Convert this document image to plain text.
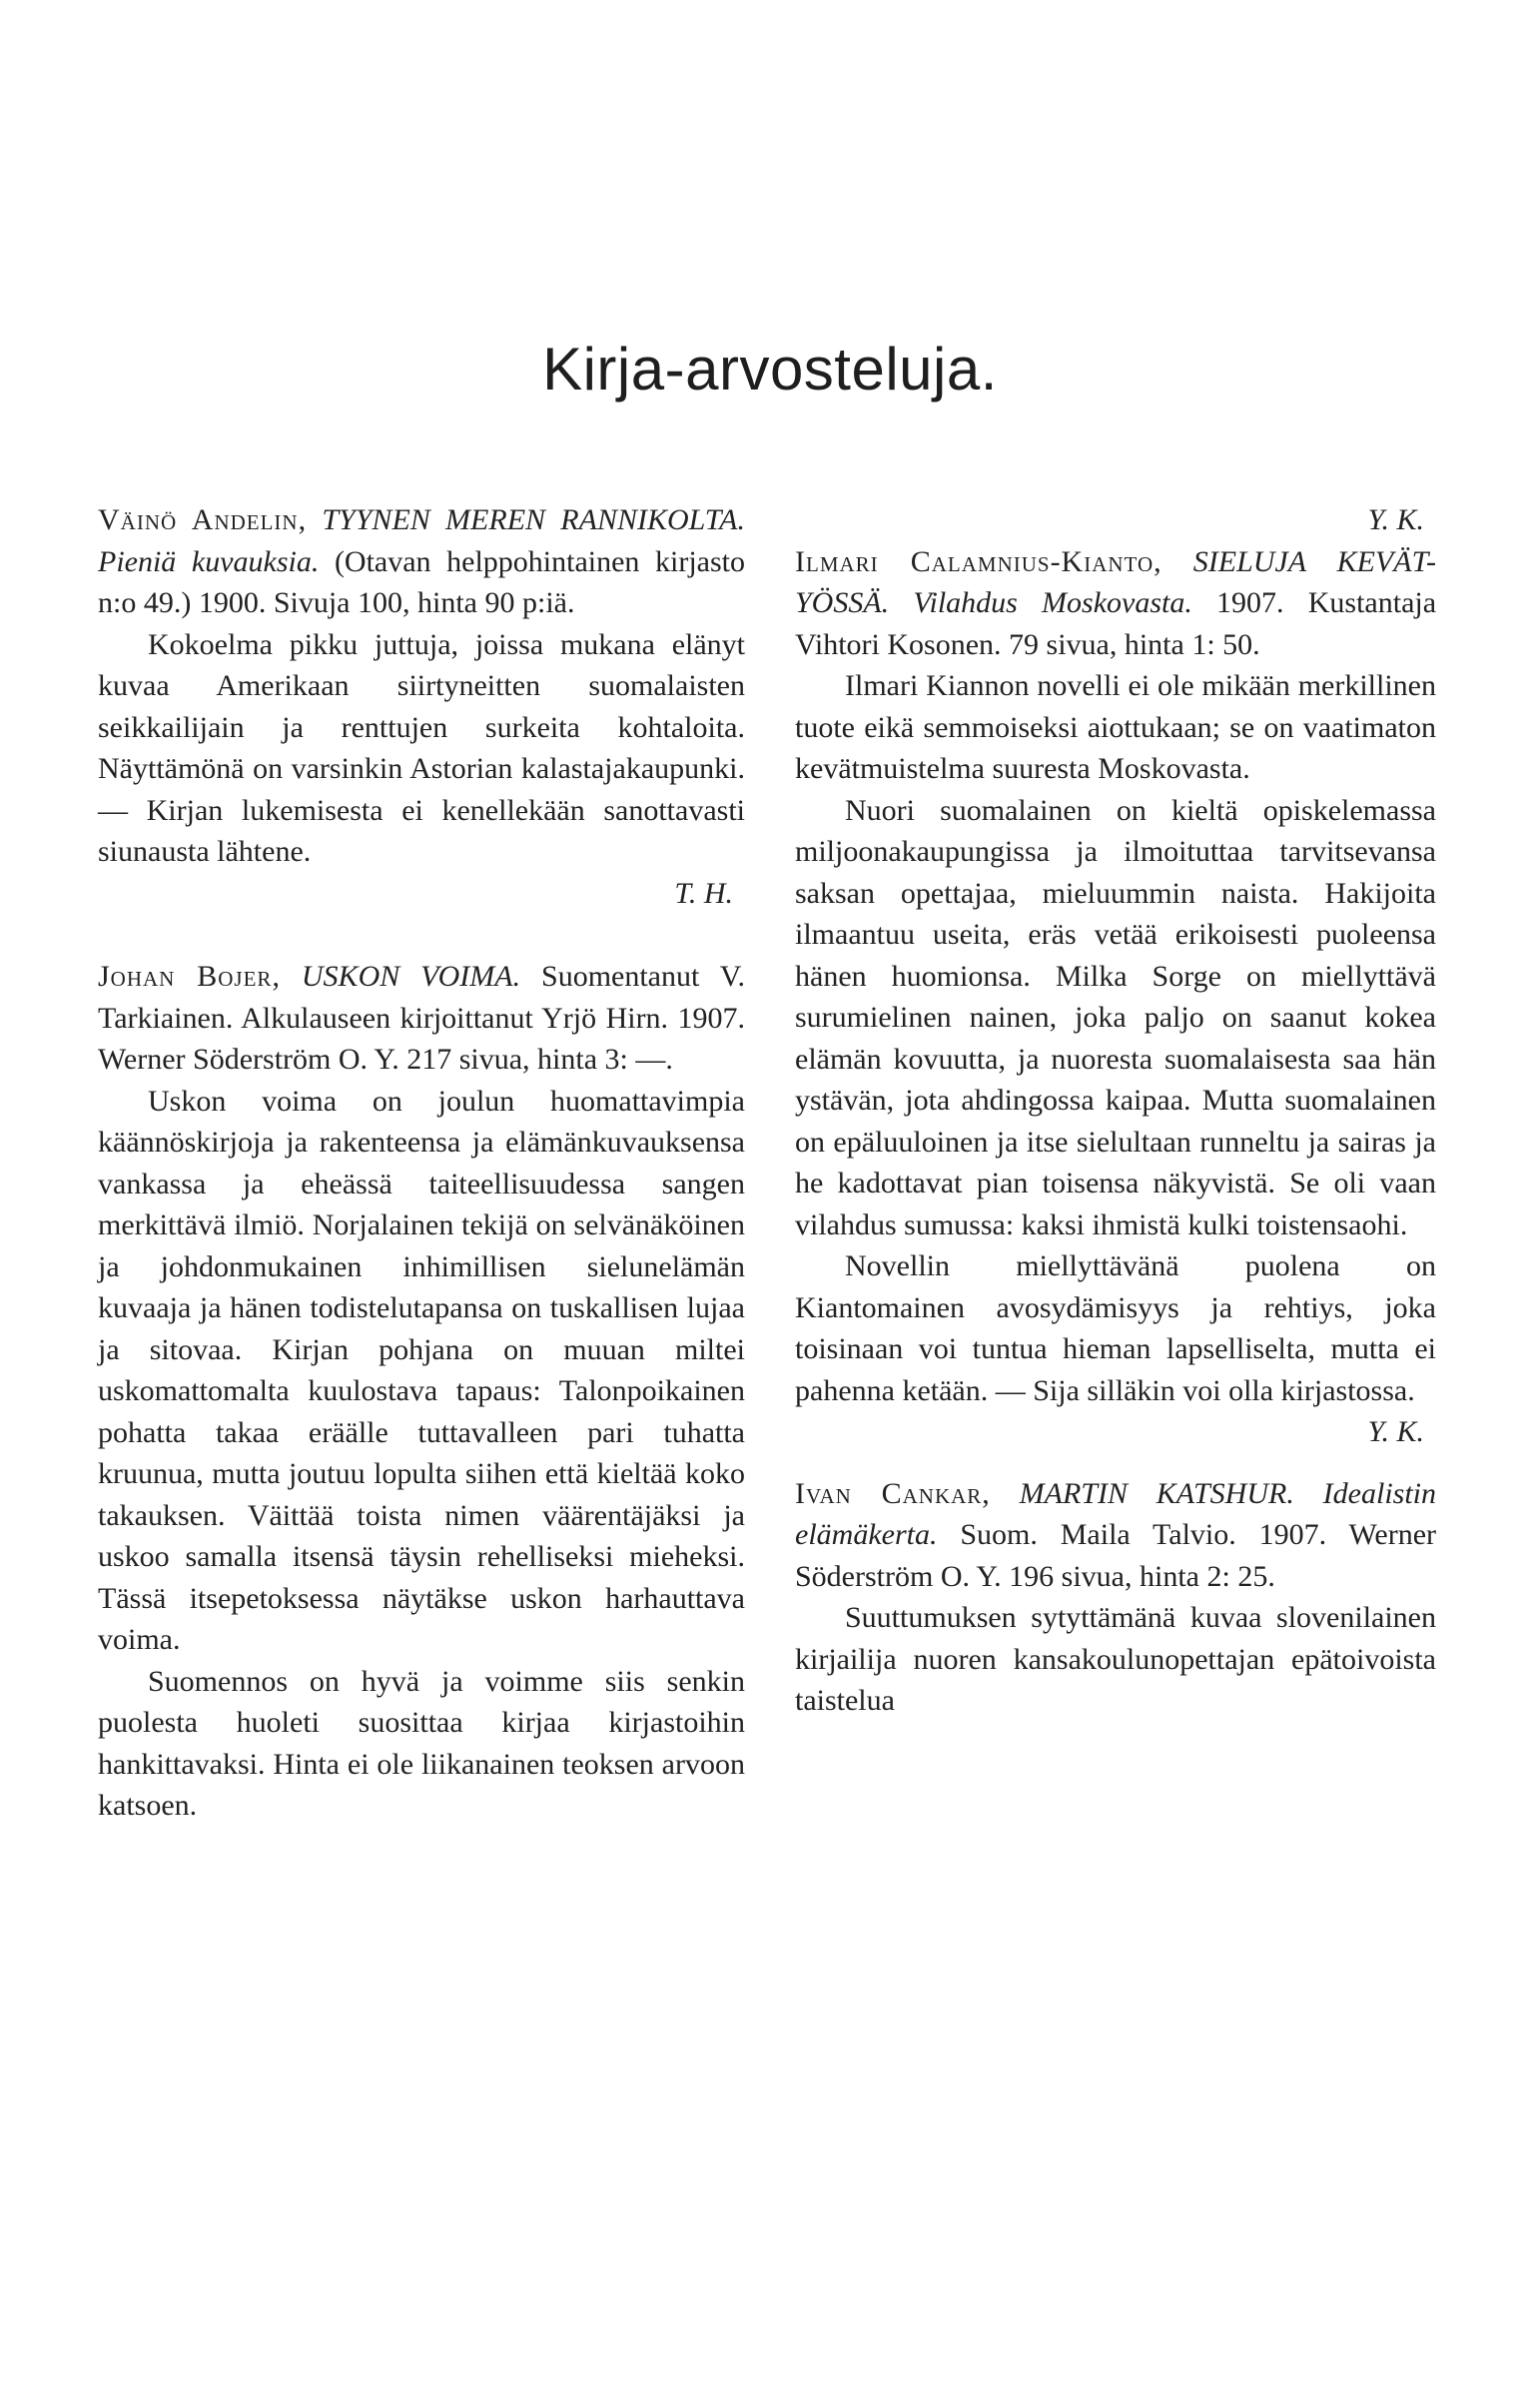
Kirja-arvosteluja.

Väinö Andelin, TYYNEN MEREN RANNIKOLTA. Pieniä kuvauksia. (Otavan helppohintainen kirjasto n:o 49.) 1900. Sivuja 100, hinta 90 p:iä.

Kokoelma pikku juttuja, joissa mukana elänyt kuvaa Amerikaan siirtyneitten suomalaisten seikkailijain ja renttujen surkeita kohtaloita. Näyttämönä on varsinkin Astorian kalastajakaupunki. — Kirjan lukemisesta ei kenellekään sanottavasti siunausta lähtene.

T. H.

Johan Bojer, USKON VOIMA. Suomentanut V. Tarkiainen. Alkulauseen kirjoittanut Yrjö Hirn. 1907. Werner Söderström O. Y. 217 sivua, hinta 3: —.

Uskon voima on joulun huomattavimpia käännöskirjoja ja rakenteensa ja elämänkuvauksensa vankassa ja eheässä taiteellisuudessa sangen merkittävä ilmiö. Norjalainen tekijä on selvänäköinen ja johdonmukainen inhimillisen sielunelämän kuvaaja ja hänen todistelutapansa on tuskallisen lujaa ja sitovaa. Kirjan pohjana on muuan miltei uskomattomalta kuulostava tapaus: Talonpoikainen pohatta takaa eräälle tuttavalleen pari tuhatta kruunua, mutta joutuu lopulta siihen että kieltää koko takauksen. Väittää toista nimen väärentäjäksi ja uskoo samalla itsensä täysin rehelliseksi mieheksi. Tässä itsepetoksessa näytäkse uskon harhauttava voima.

Suomennos on hyvä ja voimme siis senkin puolesta huoleti suosittaa kirjaa kirjastoihin hankittavaksi. Hinta ei ole liikanainen teoksen arvoon katsoen.

Y. K.

Ilmari Calamnius-Kianto, SIELUJA KEVÄT-YÖSSÄ. Vilahdus Moskovasta. 1907. Kustantaja Vihtori Kosonen. 79 sivua, hinta 1: 50.

Ilmari Kiannon novelli ei ole mikään merkillinen tuote eikä semmoiseksi aiottukaan; se on vaatimaton kevätmuistelma suuresta Moskovasta.

Nuori suomalainen on kieltä opiskelemassa miljoonakaupungissa ja ilmoituttaa tarvitsevansa saksan opettajaa, mieluummin naista. Hakijoita ilmaantuu useita, eräs vetää erikoisesti puoleensa hänen huomionsa. Milka Sorge on miellyttävä surumielinen nainen, joka paljo on saanut kokea elämän kovuutta, ja nuoresta suomalaisesta saa hän ystävän, jota ahdingossa kaipaa. Mutta suomalainen on epäluuloinen ja itse sielultaan runneltu ja sairas ja he kadottavat pian toisensa näkyvistä. Se oli vaan vilahdus sumussa: kaksi ihmistä kulki toistensaohi.

Novellin miellyttävänä puolena on Kiantomainen avosydämisyys ja rehtiys, joka toisinaan voi tuntua hieman lapselliselta, mutta ei pahenna ketään. — Sija silläkin voi olla kirjastossa.

Y. K.

Ivan Cankar, MARTIN KATSHUR. Idealistin elämäkerta. Suom. Maila Talvio. 1907. Werner Söderström O. Y. 196 sivua, hinta 2: 25.

Suuttumuksen sytyttämänä kuvaa slovenilainen kirjailija nuoren kansakoulunopettajan epätoivoista taistelua
